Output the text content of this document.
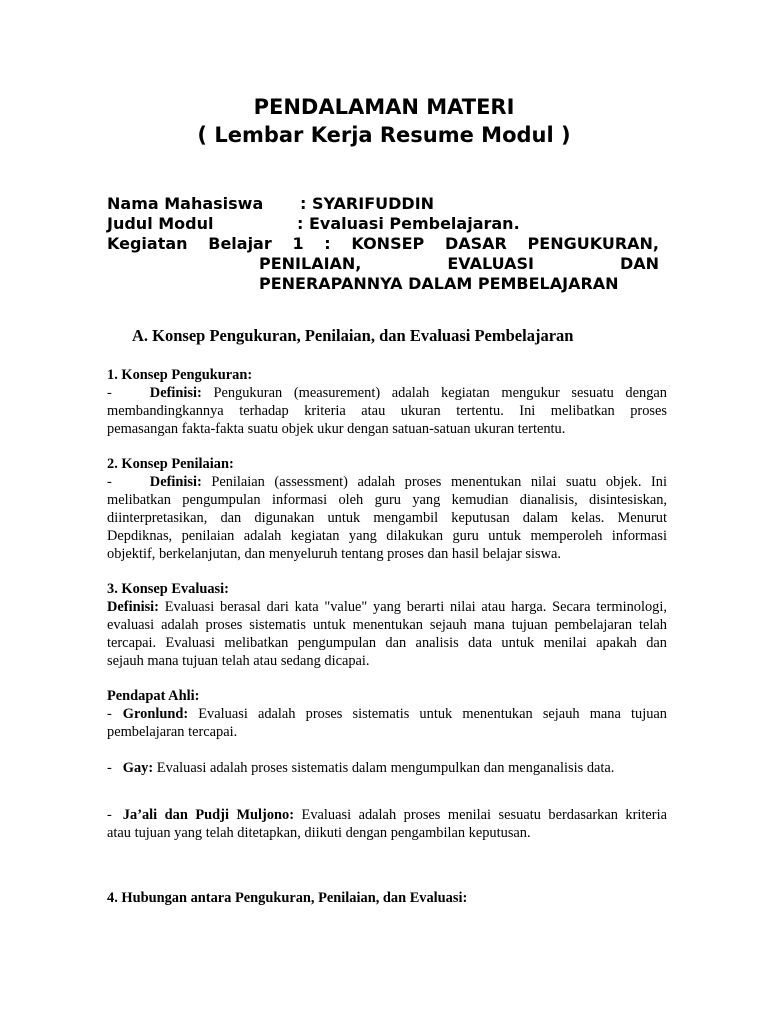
PENDALAMAN MATERI
( Lembar Kerja Resume Modul )
Nama Mahasiswa : SYARIFUDDIN
Judul Modul	: Evaluasi Pembelajaran.
Kegiatan Belajar 1 : KONSEP DASAR PENGUKURAN,
PENILAIAN, EVALUASI DAN
PENERAPANNYA DALAM PEMBELAJARAN
A. Konsep Pengukuran, Penilaian, dan Evaluasi Pembelajaran
1. Konsep Pengukuran:
-	Definisi: Pengukuran (measurement) adalah kegiatan mengukur sesuatu dengan
membandingkannya terhadap kriteria atau ukuran tertentu. Ini melibatkan proses
pemasangan fakta-fakta suatu objek ukur dengan satuan-satuan ukuran tertentu.
2. Konsep Penilaian:
-	Definisi: Penilaian (assessment) adalah proses menentukan nilai suatu objek. Ini
melibatkan pengumpulan informasi oleh guru yang kemudian dianalisis, disintesiskan,
diinterpretasikan, dan digunakan untuk mengambil keputusan dalam kelas. Menurut
Depdiknas, penilaian adalah kegiatan yang dilakukan guru untuk memperoleh informasi
objektif, berkelanjutan, dan menyeluruh tentang proses dan hasil belajar siswa.
3. Konsep Evaluasi:
Definisi: Evaluasi berasal dari kata "value" yang berarti nilai atau harga. Secara terminologi,
evaluasi adalah proses sistematis untuk menentukan sejauh mana tujuan pembelajaran telah
tercapai. Evaluasi melibatkan pengumpulan dan analisis data untuk menilai apakah dan
sejauh mana tujuan telah atau sedang dicapai.
Pendapat Ahli:
- Gronlund: Evaluasi adalah proses sistematis untuk menentukan sejauh mana tujuan
pembelajaran tercapai.
- Gay: Evaluasi adalah proses sistematis dalam mengumpulkan dan menganalisis data.
- Ja’ali dan Pudji Muljono: Evaluasi adalah proses menilai sesuatu berdasarkan kriteria
atau tujuan yang telah ditetapkan, diikuti dengan pengambilan keputusan.
4. Hubungan antara Pengukuran, Penilaian, dan Evaluasi:
